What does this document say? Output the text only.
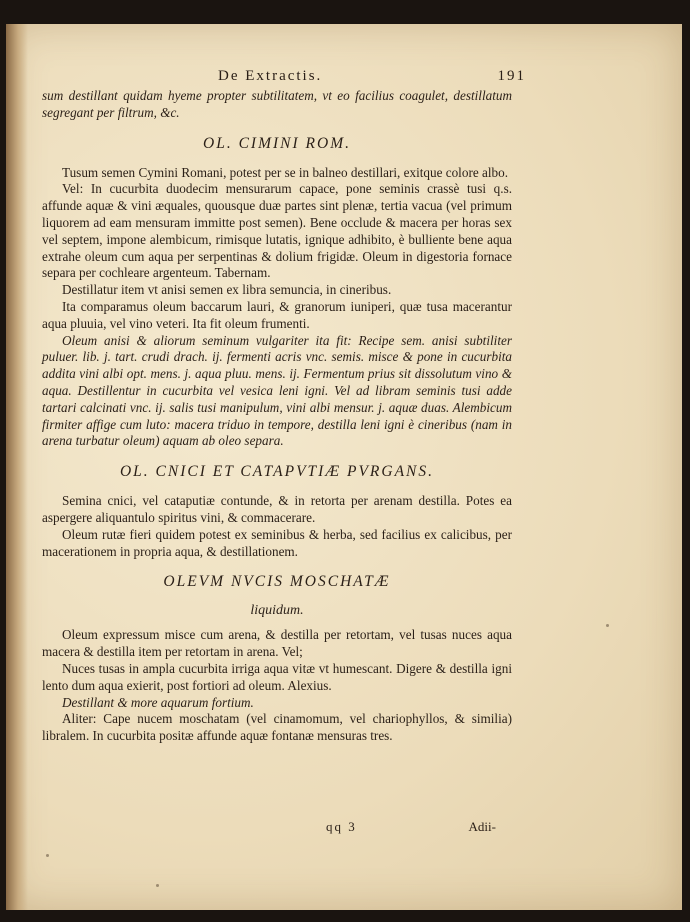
De Extractis.	191

sum destillant quidam hyeme propter subtilitatem, vt eo facilius coagulet, destillatum segregant per filtrum, &c.

OL. CIMINI ROM.

Tusum semen Cymini Romani, potest per se in balneo destillari, exitque colore albo.

Vel: In cucurbita duodecim mensurarum capace, pone seminis crassè tusi q.s. affunde aquæ & vini æquales, quousque duæ partes sint plenæ, tertia vacua (vel primum liquorem ad eam mensuram immitte post semen). Bene occlude & macera per horas sex vel septem, impone alembicum, rimisque lutatis, ignique adhibito, è bulliente bene aqua extrahe oleum cum aqua per serpentinas & dolium frigidæ. Oleum in digestoria fornace separa per cochleare argenteum. Tabernam.

Destillatur item vt anisi semen ex libra semuncia, in cineribus.

Ita comparamus oleum baccarum lauri, & granorum iuniperi, quæ tusa macerantur aqua pluuia, vel vino veteri. Ita fit oleum frumenti.

Oleum anisi & aliorum seminum vulgariter ita fit: Recipe sem. anisi subtiliter puluer. lib. j. tart. crudi drach. ij. fermenti acris vnc. semis. misce & pone in cucurbita addita vini albi opt. mens. j. aqua pluu. mens. ij. Fermentum prius sit dissolutum vino & aqua. Destillentur in cucurbita vel vesica leni igni. Vel ad libram seminis tusi adde tartari calcinati vnc. ij. salis tusi manipulum, vini albi mensur. j. aquæ duas. Alembicum firmiter affige cum luto: macera triduo in tempore, destilla leni igni è cineribus (nam in arena turbatur oleum) aquam ab oleo separa.

OL. CNICI ET CATAPVTIÆ PVRGANS.

Semina cnici, vel cataputiæ contunde, & in retorta per arenam destilla. Potes ea aspergere aliquantulo spiritus vini, & commacerare.

Oleum rutæ fieri quidem potest ex seminibus & herba, sed facilius ex calicibus, per macerationem in propria aqua, & destillationem.

OLEVM NVCIS MOSCHATÆ
liquidum.

Oleum expressum misce cum arena, & destilla per retortam, vel tusas nuces aqua macera & destilla item per retortam in arena. Vel;

Nuces tusas in ampla cucurbita irriga aqua vitæ vt humescant. Digere & destilla igni lento dum aqua exierit, post fortiori ad oleum. Alexius.

Destillant & more aquarum fortium.

Aliter: Cape nucem moschatam (vel cinamomum, vel chariophyllos, & similia) libralem. In cucurbita positæ affunde aquæ fontanæ mensuras tres.

qq 3	Adii-
